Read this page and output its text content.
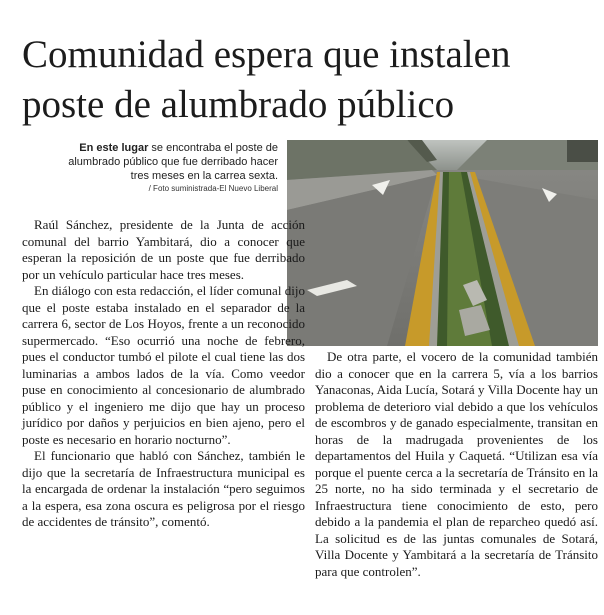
Comunidad espera que instalen poste de alumbrado público
En este lugar se encontraba el poste de alumbrado público que fue derribado hacer tres meses en la carrea sexta.
/ Foto suministrada-El Nuevo Liberal

Raúl Sánchez, presidente de la Junta de acción comunal del barrio Yambitará, dio a conocer que esperan la reposición de un poste que fue derribado por un vehículo particular hace tres meses.

En diálogo con esta redacción, el líder comunal dijo que el poste estaba instalado en el separador de la carrera 6, sector de Los Hoyos, frente a un reconocido supermercado. “Eso ocurrió una noche de febrero, pues el conductor tumbó el pilote el cual tiene las dos luminarias a ambos lados de la vía. Como veedor puse en conocimiento al concesionario de alumbrado público y el ingeniero me dijo que hay un proceso jurídico por daños y perjuicios en bien ajeno, pero el poste es necesario en horario nocturno”.

El funcionario que habló con Sánchez, también le dijo que la secretaría de Infraestructura municipal es la encargada de ordenar la instalación “pero seguimos a la espera, esa zona oscura es peligrosa por el riesgo de accidentes de tránsito”, comentó.

De otra parte, el vocero de la comunidad también dio a conocer que en la carrera 5, vía a los barrios Yanaconas, Aida Lucía, Sotará y Villa Docente hay un problema de deterioro vial debido a que los vehículos de escombros y de ganado especialmente, transitan en horas de la madrugada provenientes de los departamentos del Huila y Caquetá. “Utilizan esa vía porque el puente cerca a la secretaría de Tránsito en la 25 norte, no ha sido terminada y el secretario de Infraestructura tiene conocimiento de esto, pero debido a la pandemia el plan de reparcheo quedó así. La solicitud es de las juntas comunales de Sotará, Villa Docente y Yambitará a la secretaría de Tránsito para que controlen”.
